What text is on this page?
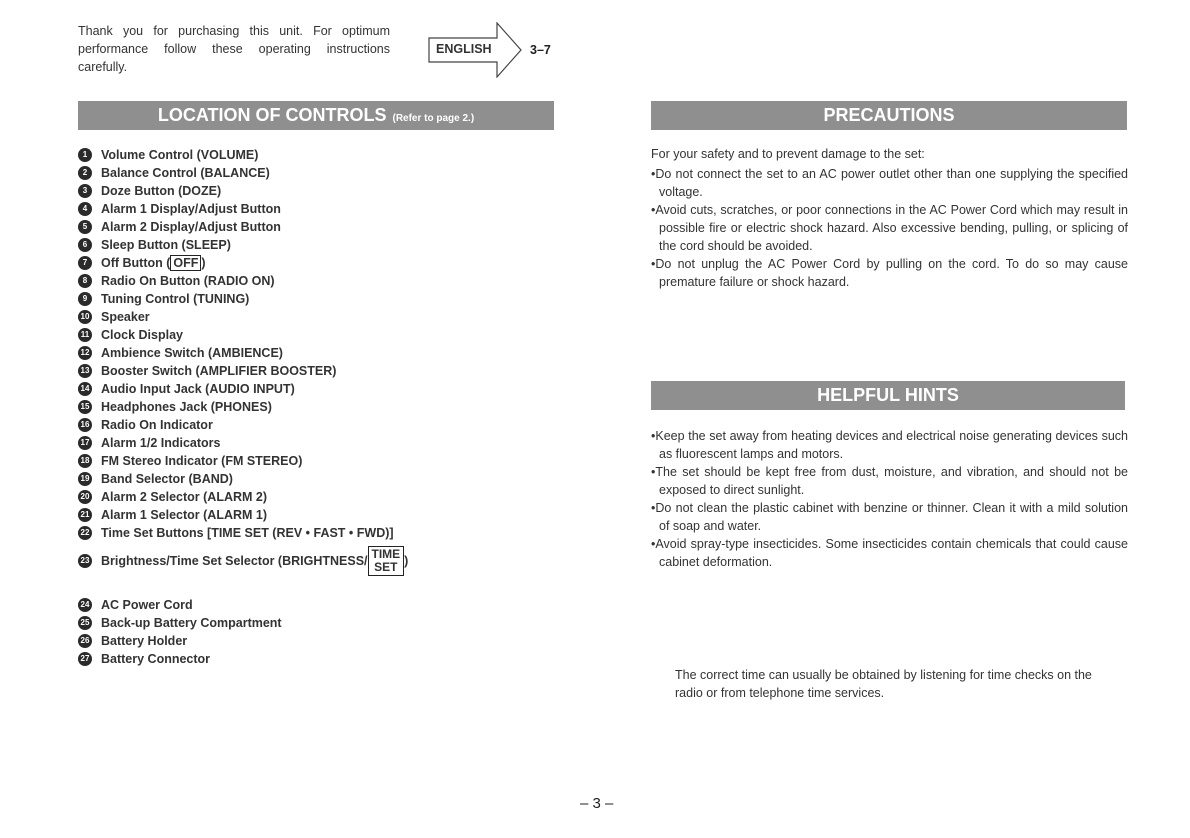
Thank you for purchasing this unit. For optimum performance follow these operating instructions carefully.
ENGLISH	3–7
LOCATION OF CONTROLS (Refer to page 2.)
1	Volume Control (VOLUME)
2	Balance Control (BALANCE)
3	Doze Button (DOZE)
4	Alarm 1 Display/Adjust Button
5	Alarm 2 Display/Adjust Button
6	Sleep Button (SLEEP)
7	Off Button ( OFF )
8	Radio On Button (RADIO ON)
9	Tuning Control (TUNING)
10 Speaker
11 Clock Display
12 Ambience Switch (AMBIENCE)
13 Booster Switch (AMPLIFIER BOOSTER)
14 Audio Input Jack (AUDIO INPUT)
15 Headphones Jack (PHONES)
16 Radio On Indicator
17 Alarm 1/2 Indicators
18 FM Stereo Indicator (FM STEREO)
19 Band Selector (BAND)
20 Alarm 2 Selector (ALARM 2)
21 Alarm 1 Selector (ALARM 1)
22 Time Set Buttons [TIME SET (REV • FAST • FWD)]
23 Brightness/Time Set Selector (BRIGHTNESS/ TIME
SET )
24 AC Power Cord
25 Back-up Battery Compartment
26 Battery Holder
27 Battery Connector
PRECAUTIONS
For your safety and to prevent damage to the set:
• Do not connect the set to an AC power outlet other than one supplying the specified voltage.
• Avoid cuts, scratches, or poor connections in the AC Power Cord which may result in possible fire or electric shock hazard. Also excessive bending, pulling, or splicing of the cord should be avoided.
• Do not unplug the AC Power Cord by pulling on the cord. To do so may cause premature failure or shock hazard.
HELPFUL HINTS
• Keep the set away from heating devices and electrical noise generating devices such as fluorescent lamps and motors.
• The set should be kept free from dust, moisture, and vibration, and should not be exposed to direct sunlight.
• Do not clean the plastic cabinet with benzine or thinner. Clean it with a mild solution of soap and water.
• Avoid spray-type insecticides. Some insecticides contain chemicals that could cause cabinet deformation.
The correct time can usually be obtained by listening for time checks on the radio or from telephone time services.
– 3 –
